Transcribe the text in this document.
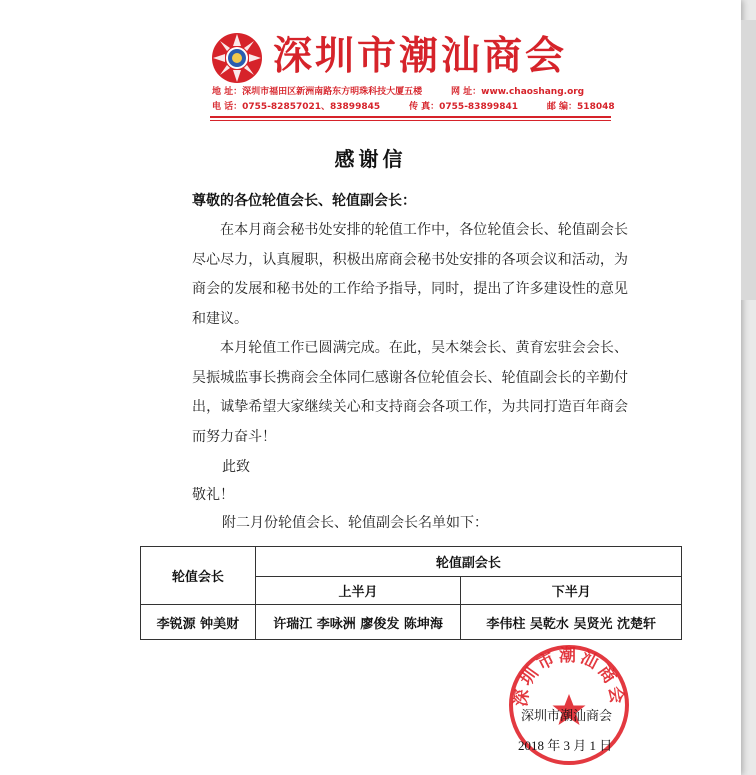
深圳市潮汕商会
地 址：深圳市福田区新洲南路东方明珠科技大厦五楼	网 址：www.chaoshang.org
电 话：0755-82857021、83899845	传 真：0755-83899841	邮 编：518048
感谢信
尊敬的各位轮值会长、轮值副会长：
在本月商会秘书处安排的轮值工作中，各位轮值会长、轮值副会长尽心尽力，认真履职，积极出席商会秘书处安排的各项会议和活动，为商会的发展和秘书处的工作给予指导，同时，提出了许多建设性的意见和建议。
本月轮值工作已圆满完成。在此，吴木桀会长、黄育宏驻会会长、吴振城监事长携商会全体同仁感谢各位轮值会长、轮值副会长的辛勤付出，诚挚希望大家继续关心和支持商会各项工作，为共同打造百年商会而努力奋斗！
此致
敬礼！
附二月份轮值会长、轮值副会长名单如下：
轮值会长	轮值副会长	
	上半月	下半月
李锐源 钟美财	许瑞江 李咏洲 廖俊发 陈坤海	李伟柱 吴乾水 吴贤光 沈楚轩
深圳市潮汕商会
深圳市潮汕商会
2018 年 3 月 1 日
